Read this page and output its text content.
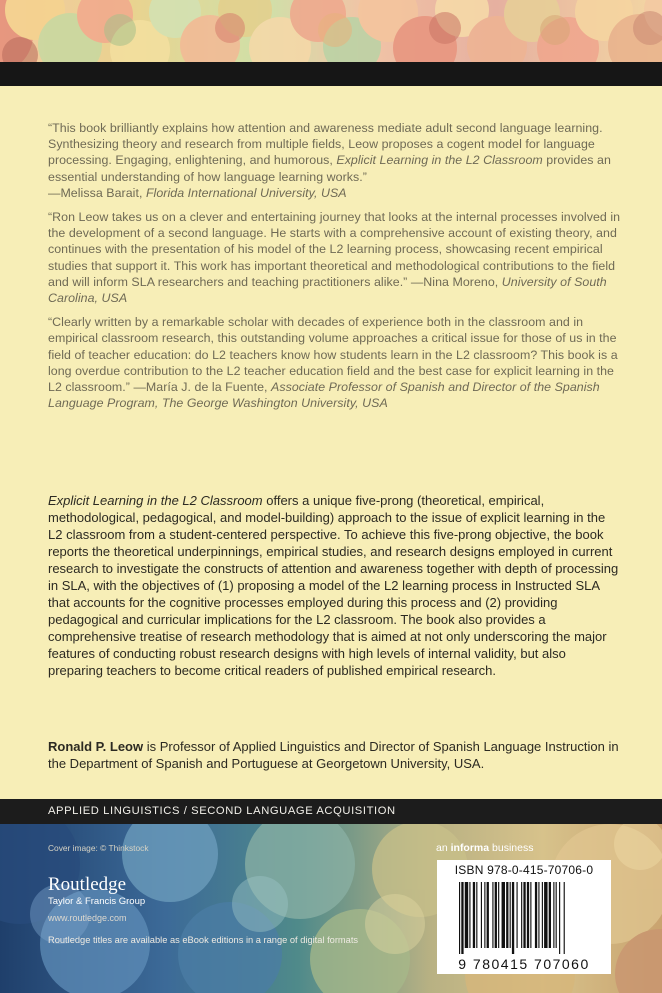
“This book brilliantly explains how attention and awareness mediate adult second language learning. Synthesizing theory and research from multiple fields, Leow proposes a cogent model for language processing. Engaging, enlightening, and humorous, Explicit Learning in the L2 Classroom provides an essential understanding of how language learning works.”
—Melissa Barait, Florida International University, USA

“Ron Leow takes us on a clever and entertaining journey that looks at the internal processes involved in the development of a second language. He starts with a comprehensive account of existing theory, and continues with the presentation of his model of the L2 learning process, showcasing recent empirical studies that support it. This work has important theoretical and methodological contributions to the field and will inform SLA researchers and teaching practitioners alike.” —Nina Moreno, University of South Carolina, USA

“Clearly written by a remarkable scholar with decades of experience both in the classroom and in empirical classroom research, this outstanding volume approaches a critical issue for those of us in the field of teacher education: do L2 teachers know how students learn in the L2 classroom? This book is a long overdue contribution to the L2 teacher education field and the best case for explicit learning in the L2 classroom.” —María J. de la Fuente, Associate Professor of Spanish and Director of the Spanish Language Program, The George Washington University, USA

Explicit Learning in the L2 Classroom offers a unique five-prong (theoretical, empirical, methodological, pedagogical, and model-building) approach to the issue of explicit learning in the L2 classroom from a student-centered perspective. To achieve this five-prong objective, the book reports the theoretical underpinnings, empirical studies, and research designs employed in current research to investigate the constructs of attention and awareness together with depth of processing in SLA, with the objectives of (1) proposing a model of the L2 learning process in Instructed SLA that accounts for the cognitive processes employed during this process and (2) providing pedagogical and curricular implications for the L2 classroom. The book also provides a comprehensive treatise of research methodology that is aimed at not only underscoring the major features of conducting robust research designs with high levels of internal validity, but also preparing teachers to become critical readers of published empirical research.

Ronald P. Leow is Professor of Applied Linguistics and Director of Spanish Language Instruction in the Department of Spanish and Portuguese at Georgetown University, USA.

APPLIED LINGUISTICS / SECOND LANGUAGE ACQUISITION
Cover image: © Thinkstock	an informa business
Routledge
Taylor & Francis Group
www.routledge.com
Routledge titles are available as eBook editions in a range of digital formats
ISBN 978-0-415-70706-0
9 780415 707060
